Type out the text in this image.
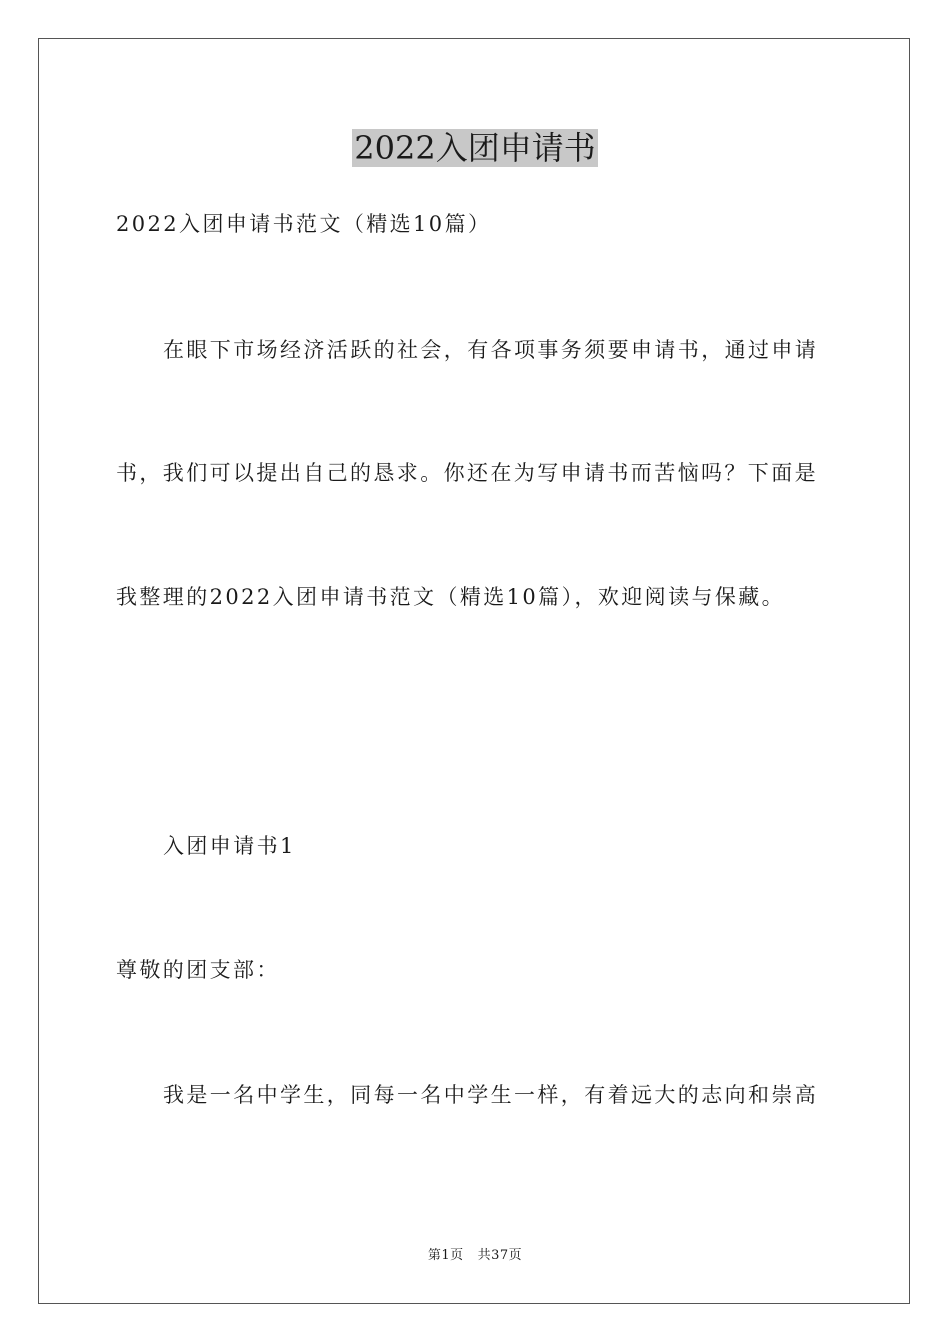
2022入团申请书
2022入团申请书范文（精选10篇）
在眼下市场经济活跃的社会，有各项事务须要申请书，通过申请
书，我们可以提出自己的恳求。你还在为写申请书而苦恼吗？下面是
我整理的2022入团申请书范文（精选10篇），欢迎阅读与保藏。
入团申请书1
尊敬的团支部：
我是一名中学生，同每一名中学生一样，有着远大的志向和崇高
第1页 共37页
